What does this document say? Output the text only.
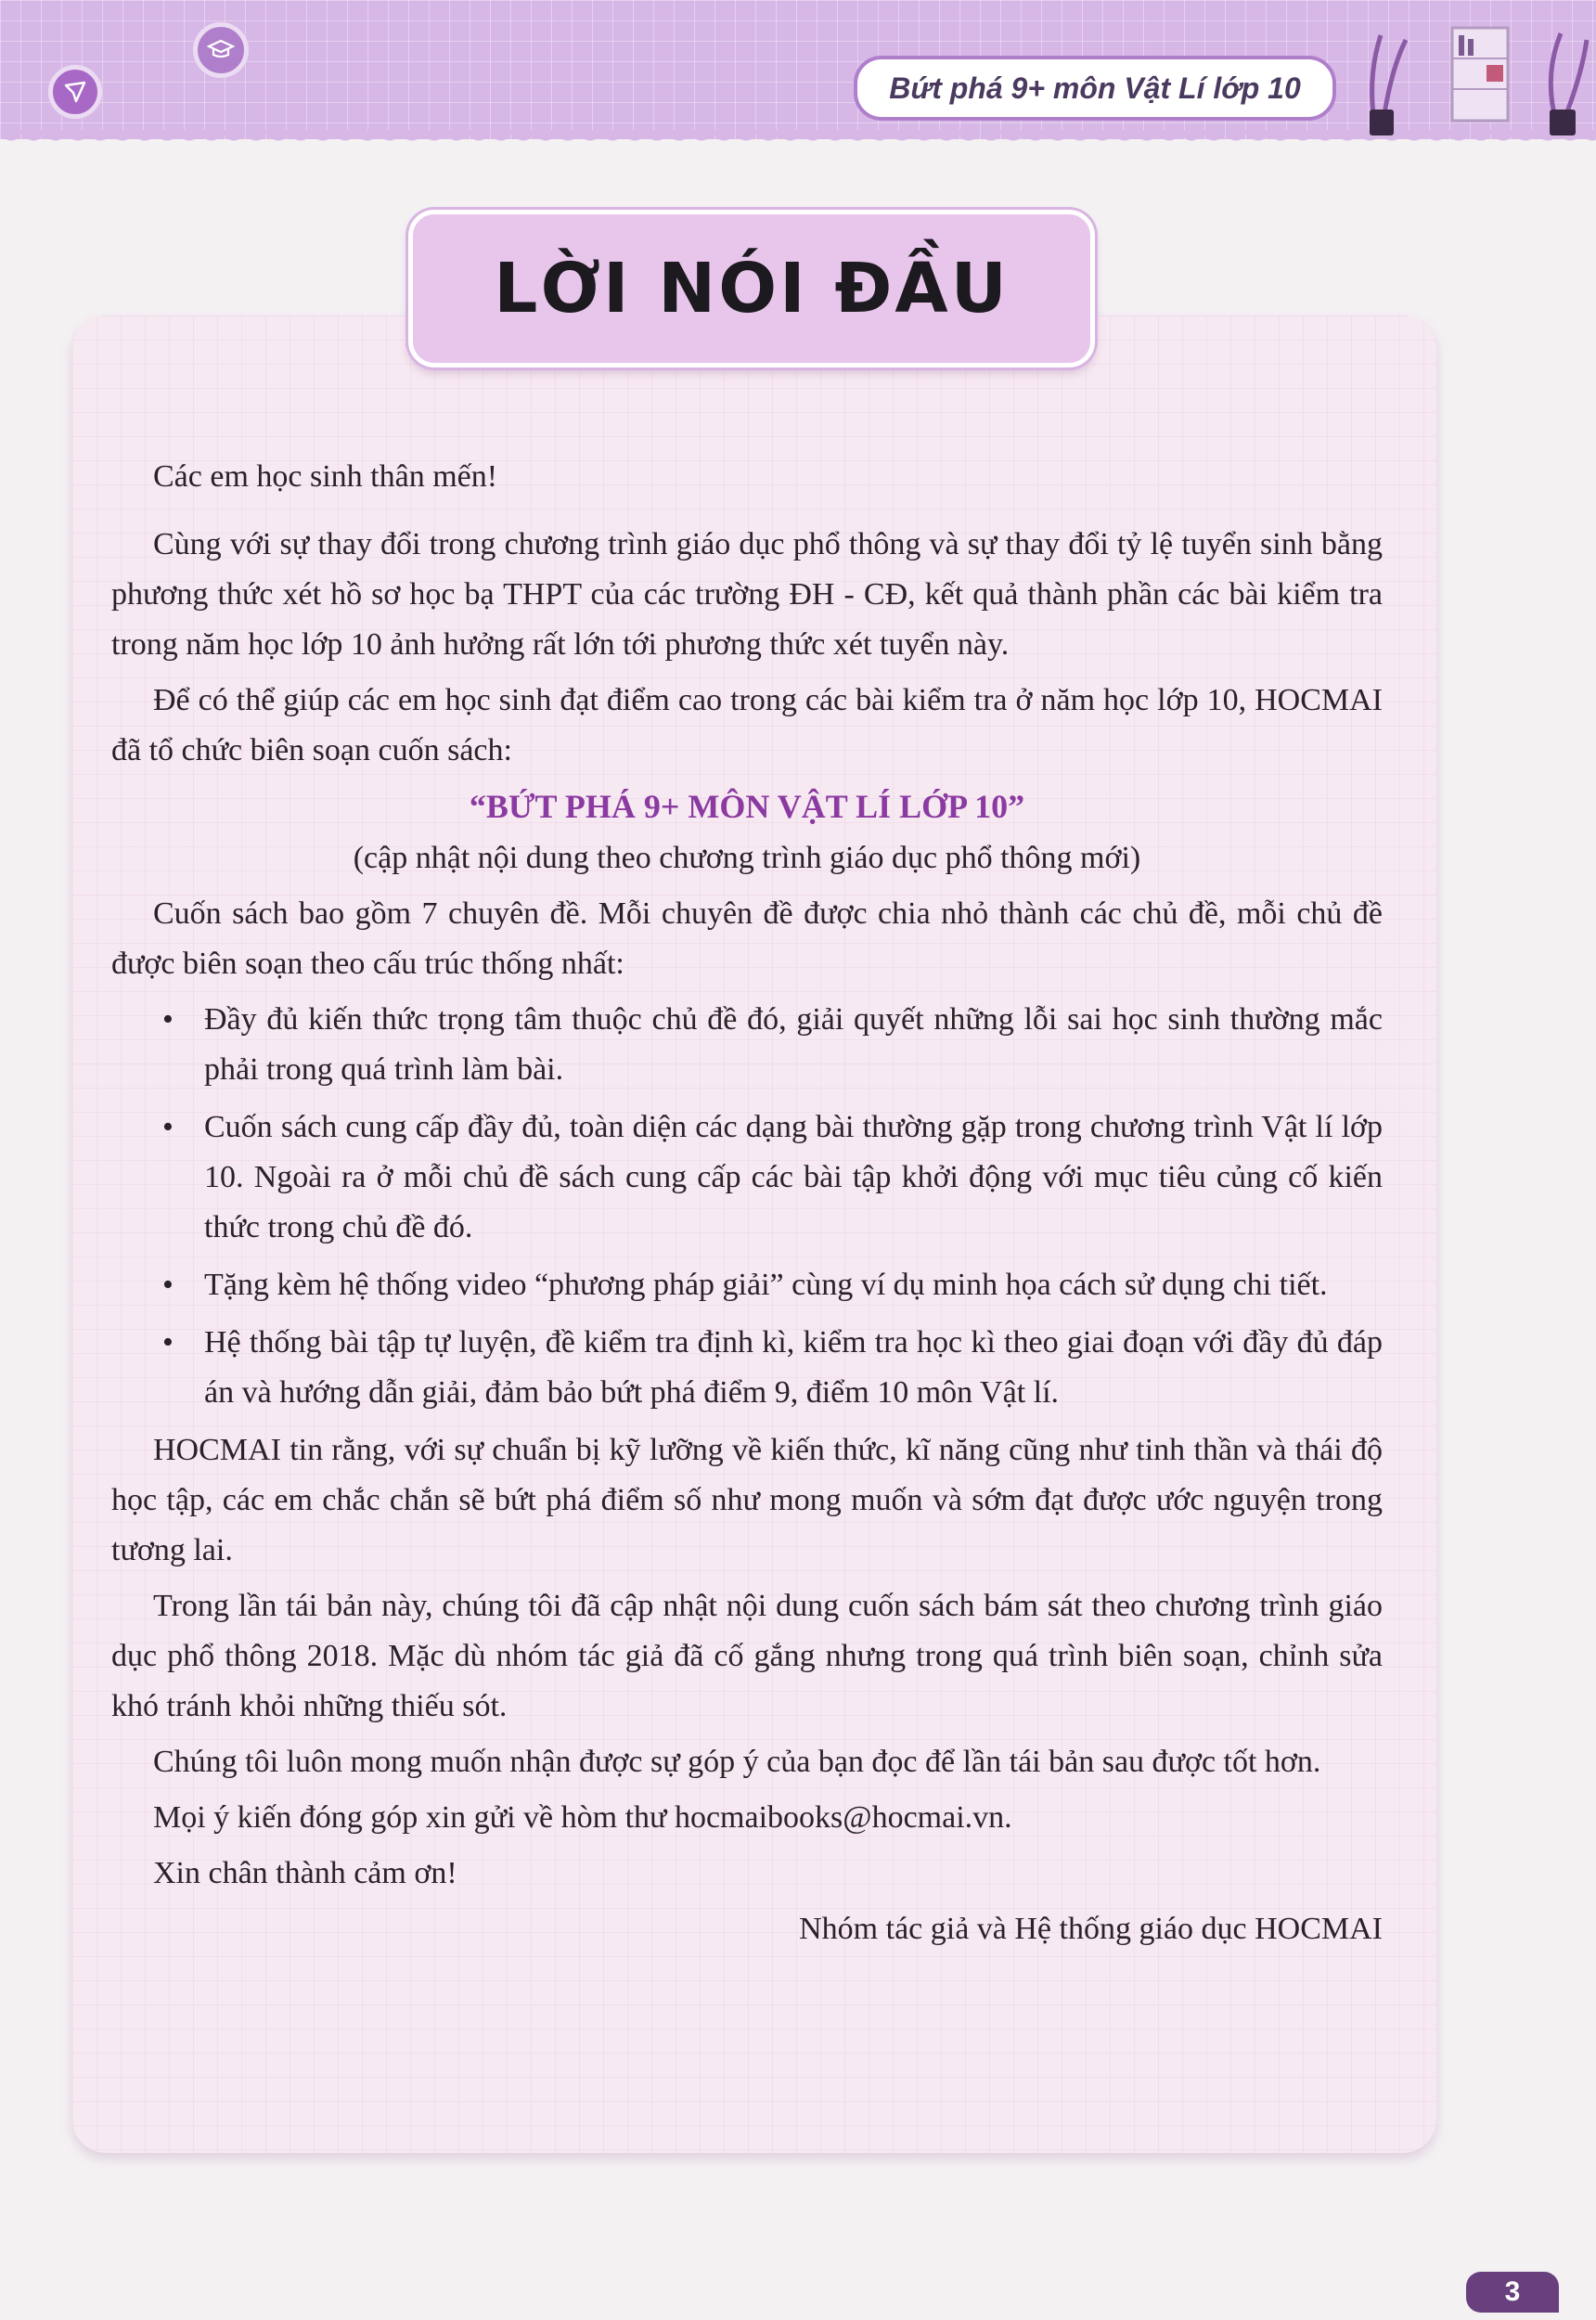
Bứt phá 9+ môn Vật Lí lớp 10
LỜI NÓI ĐẦU
Các em học sinh thân mến!

Cùng với sự thay đổi trong chương trình giáo dục phổ thông và sự thay đổi tỷ lệ tuyển sinh bằng phương thức xét hồ sơ học bạ THPT của các trường ĐH - CĐ, kết quả thành phần các bài kiểm tra trong năm học lớp 10 ảnh hưởng rất lớn tới phương thức xét tuyển này.

Để có thể giúp các em học sinh đạt điểm cao trong các bài kiểm tra ở năm học lớp 10, HOCMAI đã tổ chức biên soạn cuốn sách:

“BỨT PHÁ 9+ MÔN VẬT LÍ LỚP 10”

(cập nhật nội dung theo chương trình giáo dục phổ thông mới)

Cuốn sách bao gồm 7 chuyên đề. Mỗi chuyên đề được chia nhỏ thành các chủ đề, mỗi chủ đề được biên soạn theo cấu trúc thống nhất:

• Đầy đủ kiến thức trọng tâm thuộc chủ đề đó, giải quyết những lỗi sai học sinh thường mắc phải trong quá trình làm bài.
• Cuốn sách cung cấp đầy đủ, toàn diện các dạng bài thường gặp trong chương trình Vật lí lớp 10. Ngoài ra ở mỗi chủ đề sách cung cấp các bài tập khởi động với mục tiêu củng cố kiến thức trong chủ đề đó.
• Tặng kèm hệ thống video “phương pháp giải” cùng ví dụ minh họa cách sử dụng chi tiết.
• Hệ thống bài tập tự luyện, đề kiểm tra định kì, kiểm tra học kì theo giai đoạn với đầy đủ đáp án và hướng dẫn giải, đảm bảo bứt phá điểm 9, điểm 10 môn Vật lí.

HOCMAI tin rằng, với sự chuẩn bị kỹ lưỡng về kiến thức, kĩ năng cũng như tinh thần và thái độ học tập, các em chắc chắn sẽ bứt phá điểm số như mong muốn và sớm đạt được ước nguyện trong tương lai.

Trong lần tái bản này, chúng tôi đã cập nhật nội dung cuốn sách bám sát theo chương trình giáo dục phổ thông 2018. Mặc dù nhóm tác giả đã cố gắng nhưng trong quá trình biên soạn, chỉnh sửa khó tránh khỏi những thiếu sót.

Chúng tôi luôn mong muốn nhận được sự góp ý của bạn đọc để lần tái bản sau được tốt hơn.

Mọi ý kiến đóng góp xin gửi về hòm thư hocmaibooks@hocmai.vn.

Xin chân thành cảm ơn!

Nhóm tác giả và Hệ thống giáo dục HOCMAI

3
